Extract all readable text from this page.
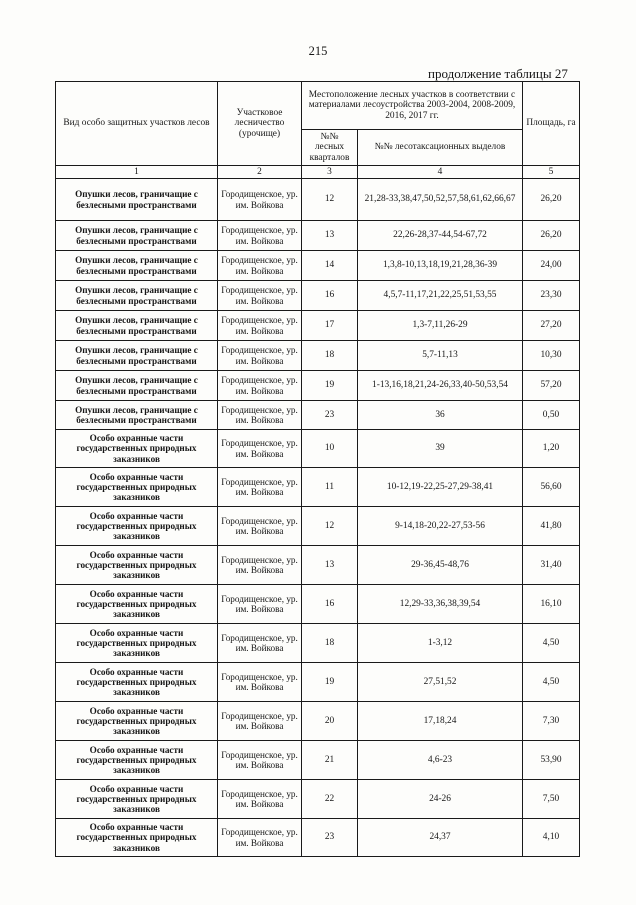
215
продолжение таблицы 27
Вид особо защитных участков лесов	Участковое лесничество (урочище)	Местоположение лесных участков в соответствии с материалами лесоустройства 2003-2004, 2008-2009, 2016, 2017 гг.		Площадь, га
		№№ лесных кварталов	№№ лесотаксационных выделов	
1	2	3	4	5
Опушки лесов, граничащие с безлесными пространствами	Городищенское, ур. им. Войкова	12	21,28-33,38,47,50,52,57,58,61,62,66,67	26,20
Опушки лесов, граничащие с безлесными пространствами	Городищенское, ур. им. Войкова	13	22,26-28,37-44,54-67,72	26,20
Опушки лесов, граничащие с безлесными пространствами	Городищенское, ур. им. Войкова	14	1,3,8-10,13,18,19,21,28,36-39	24,00
Опушки лесов, граничащие с безлесными пространствами	Городищенское, ур. им. Войкова	16	4,5,7-11,17,21,22,25,51,53,55	23,30
Опушки лесов, граничащие с безлесными пространствами	Городищенское, ур. им. Войкова	17	1,3-7,11,26-29	27,20
Опушки лесов, граничащие с безлесными пространствами	Городищенское, ур. им. Войкова	18	5,7-11,13	10,30
Опушки лесов, граничащие с безлесными пространствами	Городищенское, ур. им. Войкова	19	1-13,16,18,21,24-26,33,40-50,53,54	57,20
Опушки лесов, граничащие с безлесными пространствами	Городищенское, ур. им. Войкова	23	36	0,50
Особо охранные части государственных природных заказников	Городищенское, ур. им. Войкова	10	39	1,20
Особо охранные части государственных природных заказников	Городищенское, ур. им. Войкова	11	10-12,19-22,25-27,29-38,41	56,60
Особо охранные части государственных природных заказников	Городищенское, ур. им. Войкова	12	9-14,18-20,22-27,53-56	41,80
Особо охранные части государственных природных заказников	Городищенское, ур. им. Войкова	13	29-36,45-48,76	31,40
Особо охранные части государственных природных заказников	Городищенское, ур. им. Войкова	16	12,29-33,36,38,39,54	16,10
Особо охранные части государственных природных заказников	Городищенское, ур. им. Войкова	18	1-3,12	4,50
Особо охранные части государственных природных заказников	Городищенское, ур. им. Войкова	19	27,51,52	4,50
Особо охранные части государственных природных заказников	Городищенское, ур. им. Войкова	20	17,18,24	7,30
Особо охранные части государственных природных заказников	Городищенское, ур. им. Войкова	21	4,6-23	53,90
Особо охранные части государственных природных заказников	Городищенское, ур. им. Войкова	22	24-26	7,50
Особо охранные части государственных природных заказников	Городищенское, ур. им. Войкова	23	24,37	4,10
